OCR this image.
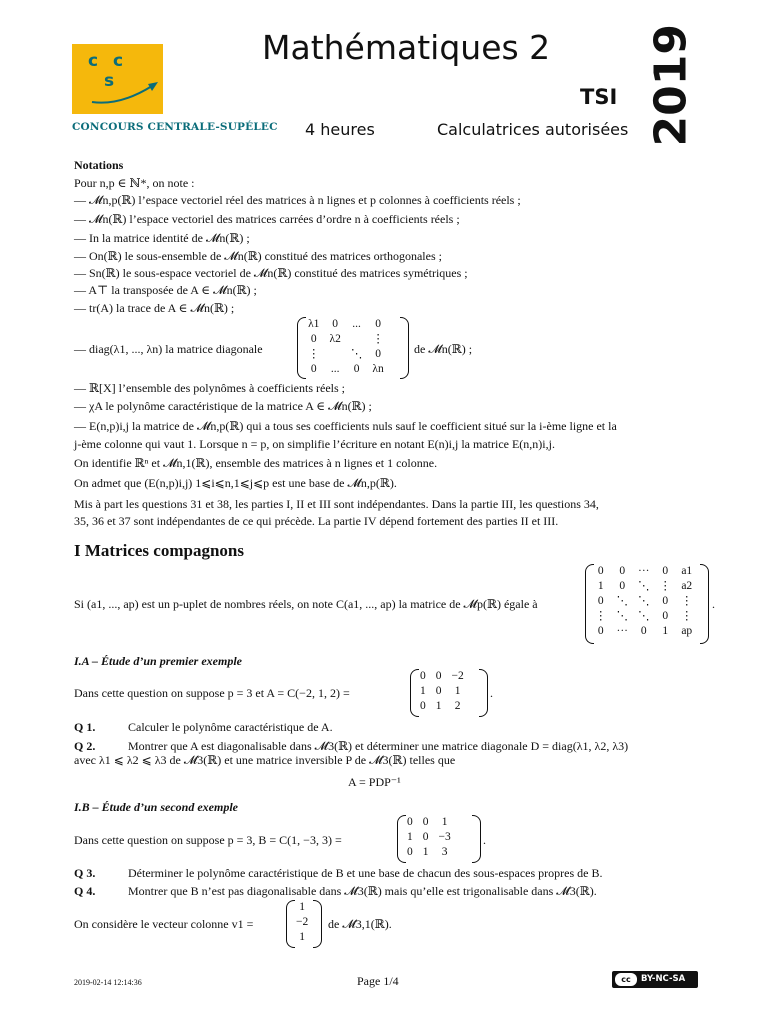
c c
s
CONCOURS CENTRALE-SUPÉLEC
Mathématiques 2
TSI
4 heures	Calculatrices autorisées 2019
Notations
Pour n,p ∈ ℕ*, on note :
— 𝓜n,p(ℝ) l’espace vectoriel réel des matrices à n lignes et p colonnes à coefficients réels ;
— 𝓜n(ℝ) l’espace vectoriel des matrices carrées d’ordre n à coefficients réels ;
— In la matrice identité de 𝓜n(ℝ) ;
— On(ℝ) le sous-ensemble de 𝓜n(ℝ) constitué des matrices orthogonales ;
— Sn(ℝ) le sous-espace vectoriel de 𝓜n(ℝ) constitué des matrices symétriques ;
— A⊤ la transposée de A ∈ 𝓜n(ℝ) ;
— tr(A) la trace de A ∈ 𝓜n(ℝ) ;
— diag(λ1, ..., λn) la matrice diagonale
λ1	0	...	0
0	λ2		⋮
⋮		⋱	0
0	...	0	λn
de 𝓜n(ℝ) ;
— ℝ[X] l’ensemble des polynômes à coefficients réels ;
— χA le polynôme caractéristique de la matrice A ∈ 𝓜n(ℝ) ;
— E(n,p)i,j la matrice de 𝓜n,p(ℝ) qui a tous ses coefficients nuls sauf le coefficient situé sur la i-ème ligne et la
j-ème colonne qui vaut 1. Lorsque n = p, on simplifie l’écriture en notant E(n)i,j la matrice E(n,n)i,j.
On identifie ℝⁿ et 𝓜n,1(ℝ), ensemble des matrices à n lignes et 1 colonne.
On admet que (E(n,p)i,j) 1⩽i⩽n,1⩽j⩽p est une base de 𝓜n,p(ℝ).
Mis à part les questions 31 et 38, les parties I, II et III sont indépendantes. Dans la partie III, les questions 34,
35, 36 et 37 sont indépendantes de ce qui précède. La partie IV dépend fortement des parties II et III.
I Matrices compagnons
Si (a1, ..., ap) est un p-uplet de nombres réels, on note C(a1, ..., ap) la matrice de 𝓜p(ℝ) égale à
0	0	···	0	a1
1	0	⋱	⋮	a2
0	⋱	⋱	0	⋮
⋮	⋱	⋱	0	⋮
0	···	0	1	ap
.
I.A – Étude d’un premier exemple
Dans cette question on suppose p = 3 et A = C(−2, 1, 2) =
0	0	−2
1	0	1
0	1	2
.
Q 1.	Calculer le polynôme caractéristique de A.
Q 2.	Montrer que A est diagonalisable dans 𝓜3(ℝ) et déterminer une matrice diagonale D = diag(λ1, λ2, λ3)
avec λ1 ⩽ λ2 ⩽ λ3 de 𝓜3(ℝ) et une matrice inversible P de 𝓜3(ℝ) telles que
A = PDP⁻¹
I.B – Étude d’un second exemple
Dans cette question on suppose p = 3, B = C(1, −3, 3) =
0	0	1
1	0	−3
0	1	3
.
Q 3.	Déterminer le polynôme caractéristique de B et une base de chacun des sous-espaces propres de B.
Q 4.	Montrer que B n’est pas diagonalisable dans 𝓜3(ℝ) mais qu’elle est trigonalisable dans 𝓜3(ℝ).
On considère le vecteur colonne v1 =
1
−2
1
de 𝓜3,1(ℝ).
2019-02-14 12:14:36	Page 1/4	cc	BY-NC-SA
